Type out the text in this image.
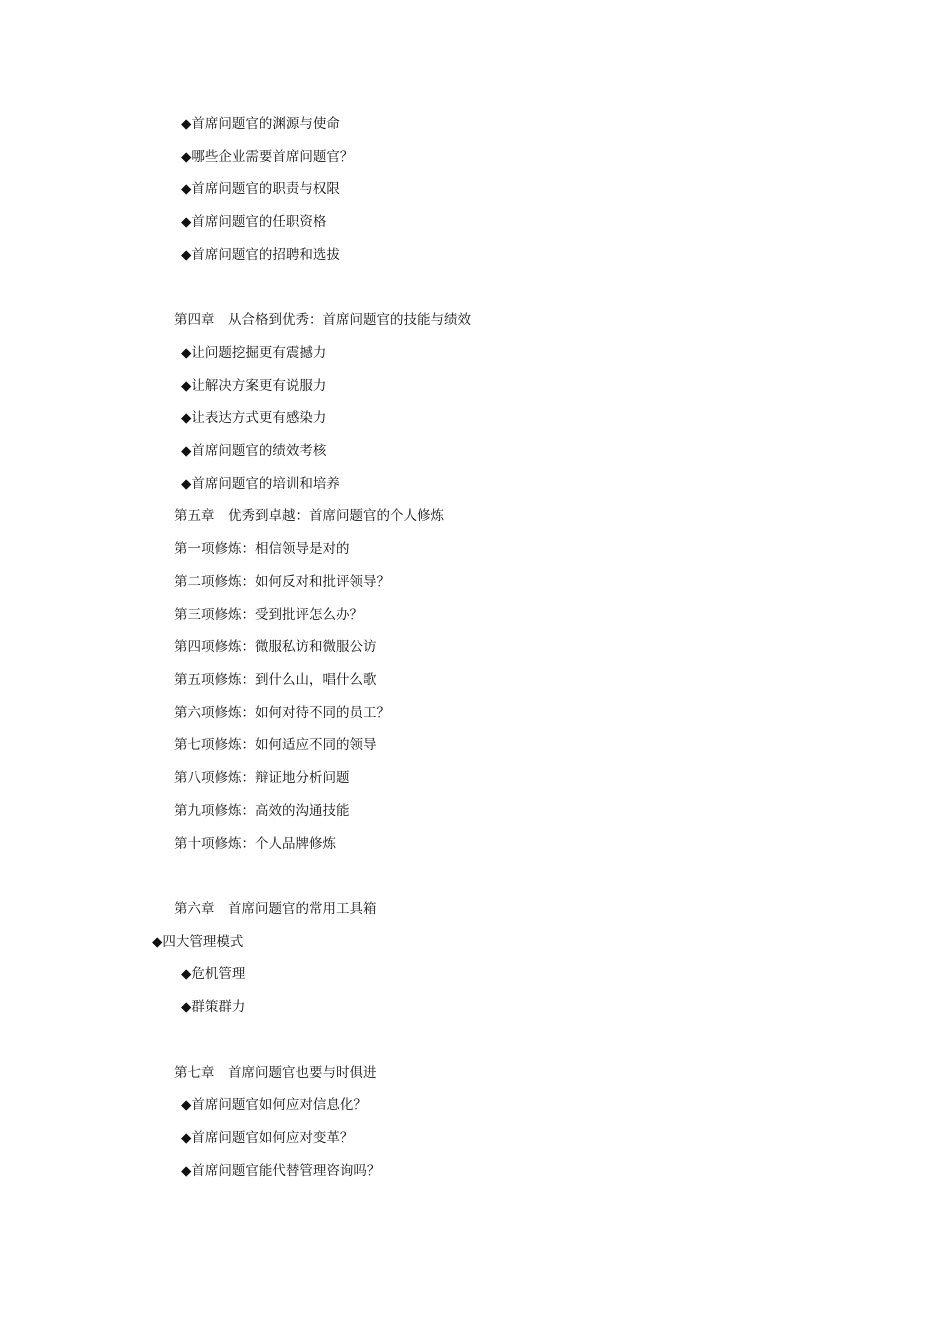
◆首席问题官的渊源与使命
◆哪些企业需要首席问题官？
◆首席问题官的职责与权限
◆首席问题官的任职资格
◆首席问题官的招聘和选拔
第四章　从合格到优秀：首席问题官的技能与绩效
◆让问题挖掘更有震撼力
◆让解决方案更有说服力
◆让表达方式更有感染力
◆首席问题官的绩效考核
◆首席问题官的培训和培养
第五章　优秀到卓越：首席问题官的个人修炼
第一项修炼：相信领导是对的
第二项修炼：如何反对和批评领导？
第三项修炼：受到批评怎么办？
第四项修炼：微服私访和微服公访
第五项修炼：到什么山，唱什么歌
第六项修炼：如何对待不同的员工？
第七项修炼：如何适应不同的领导
第八项修炼：辩证地分析问题
第九项修炼：高效的沟通技能
第十项修炼：个人品牌修炼
第六章　首席问题官的常用工具箱
◆四大管理模式
◆危机管理
◆群策群力
第七章　首席问题官也要与时俱进
◆首席问题官如何应对信息化？
◆首席问题官如何应对变革？
◆首席问题官能代替管理咨询吗？
